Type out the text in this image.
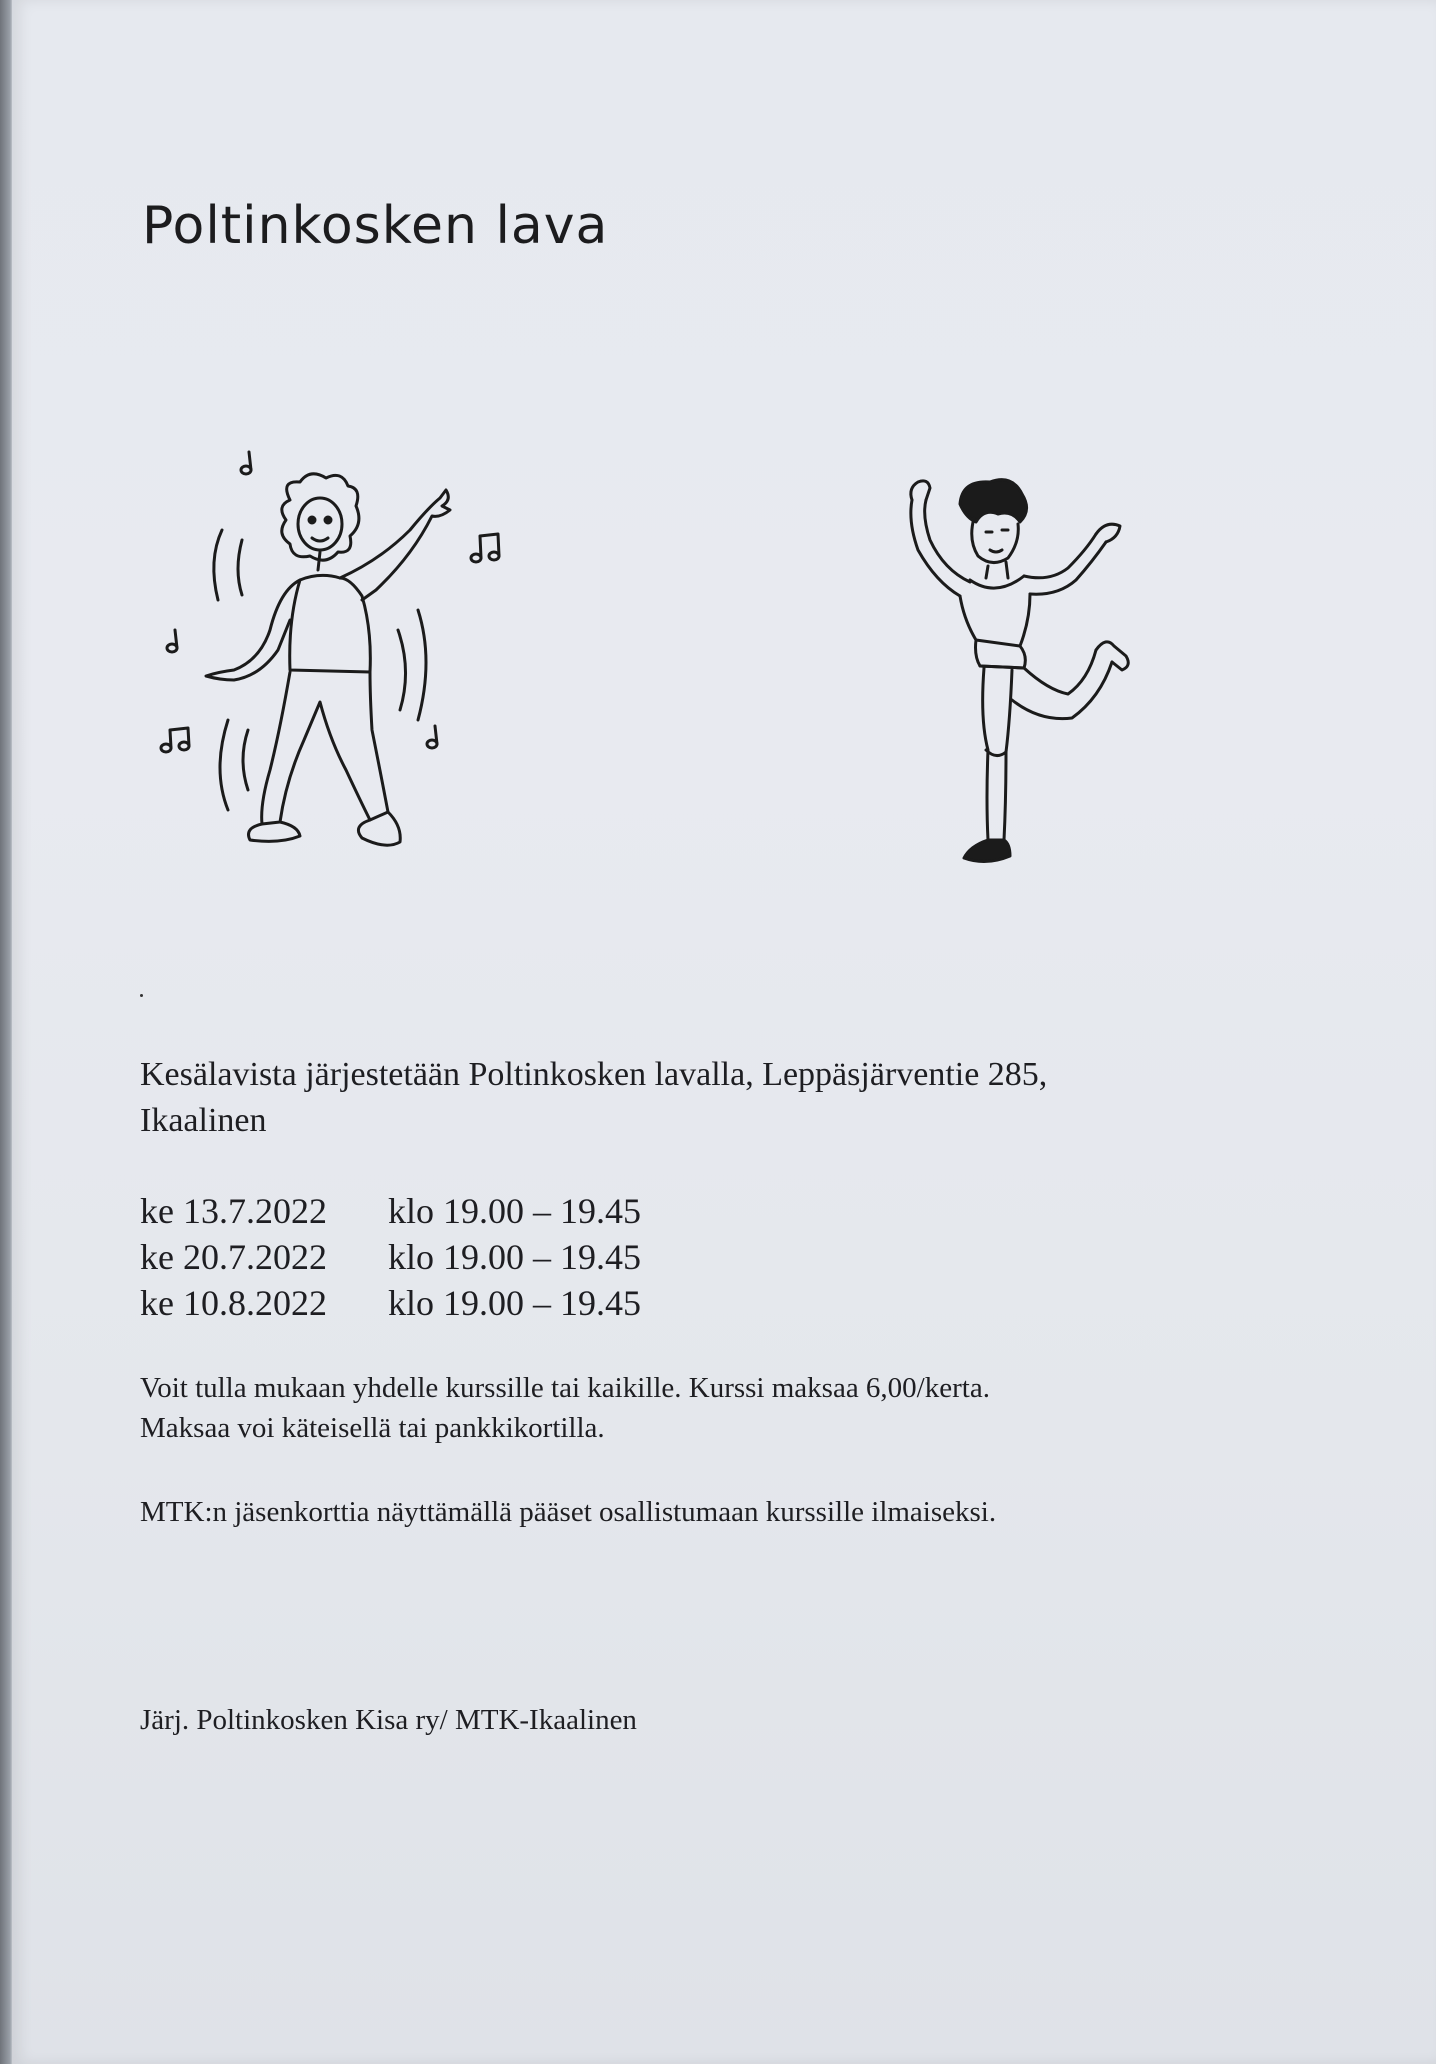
Poltinkosken lava

Kesälavista järjestetään Poltinkosken lavalla, Leppäsjärventie 285,
Ikaalinen

ke 13.7.2022	klo 19.00 – 19.45
ke 20.7.2022	klo 19.00 – 19.45
ke 10.8.2022	klo 19.00 – 19.45

Voit tulla mukaan yhdelle kurssille tai kaikille. Kurssi maksaa 6,00/kerta.
Maksaa voi käteisellä tai pankkikortilla.

MTK:n jäsenkorttia näyttämällä pääset osallistumaan kurssille ilmaiseksi.

Järj. Poltinkosken Kisa ry/ MTK-Ikaalinen
